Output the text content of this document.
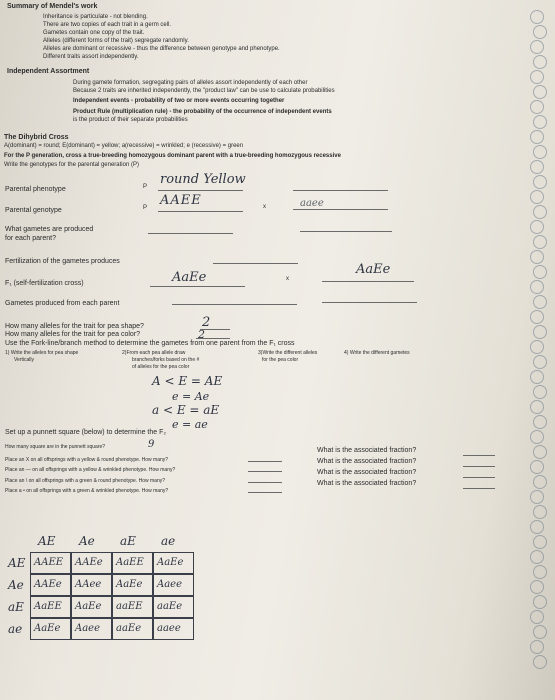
Summary of Mendel's work
Inheritance is particulate - not blending.
There are two copies of each trait in a germ cell.
Gametes contain one copy of the trait.
Alleles (different forms of the trait) segregate randomly.
Alleles are dominant or recessive - thus the difference between genotype and phenotype.
Different traits assort independently.
Independent Assortment
During gamete formation, segregating pairs of alleles assort independently of each other
Because 2 traits are inherited independently, the "product law" can be use to calculate probabilities
Independent events - probability of two or more events occurring together
Product Rule (multiplication rule) - the probability of the occurrence of independent events
is the product of their separate probabilities
The Dihybrid Cross
A(dominant) = round; E(dominant) = yellow; a(recessive) = wrinkled; e (recessive) = green
For the P generation, cross a true-breeding homozygous dominant parent with a true-breeding homozygous recessive
Write the genotypes for the parental generation (P)
Parental phenotype	P round Yellow
Parental genotype	P AAEE	x	aaee
What gametes are produced
for each parent?
Fertilization of the gametes produces
F₁ (self-fertilization cross)	AaEe	x
AaEe
Gametes produced from each parent
How many alleles for the trait for pea shape?	2
How many alleles for the trait for pea color?	2
Use the Fork-line/branch method to determine the gametes from one parent from the F₁ cross
1) Write the alleles for pea shape
Vertically
2)From each pea allele draw
branches/forks based on the #
of alleles for the pea color
3)Write the different alleles
for the pea color
4) Write the different gametes
A < E = AE
e = Ae
a < E = aE
e = ae
Set up a punnett square (below) to determine the F₂
How many square are in the punnett square?	9
Place an X on all offsprings with a yellow & round phenotype. How many?
Place an — on all offsprings with a yellow & wrinkled phenotype. How many?
Place an \ on all offsprings with a green & round phenotype. How many?
Place a • on all offsprings with a green & wrinkled phenotype. How many?
What is the associated fraction?
What is the associated fraction?
What is the associated fraction?
What is the associated fraction?
AE Ae aE ae
AE AAEE AAEe AaEE AaEe
Ae AAEe AAee AaEe Aaee
aE AaEE AaEe aaEE aaEe
ae AaEe Aaee aaEe aaee
